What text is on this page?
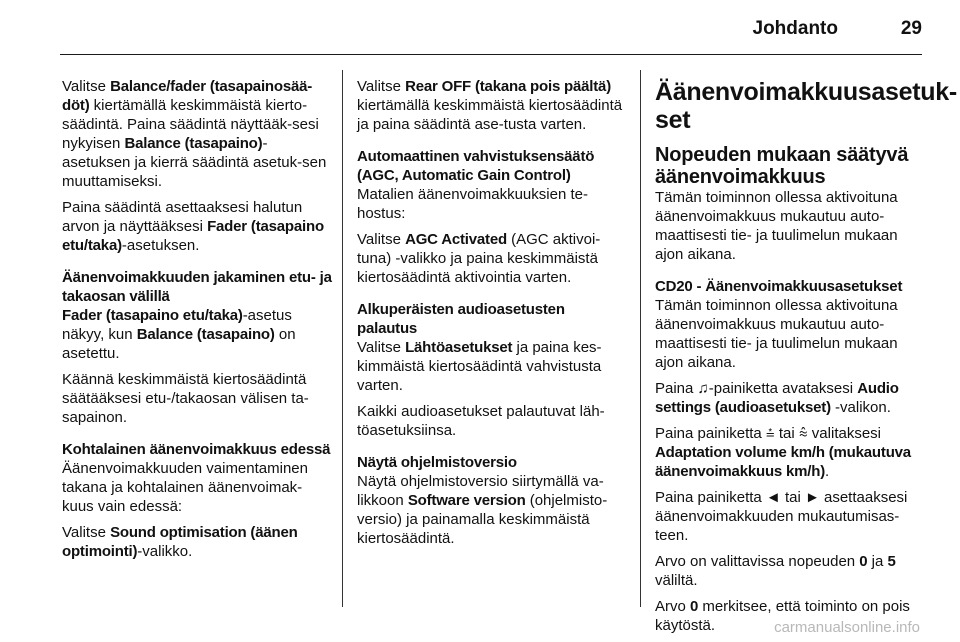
Johdanto	29

Valitse Balance/fader (tasapainosää-döt) kiertämällä keskimmäistä kierto-säädintä. Paina säädintä näyttääk-sesi nykyisen Balance (tasapaino)-asetuksen ja kierrä säädintä asetuk-sen muuttamiseksi.

Paina säädintä asettaaksesi halutun arvon ja näyttääksesi Fader (tasapaino etu/taka)-asetuksen.

Äänenvoimakkuuden jakaminen etu- ja takaosan välillä

Fader (tasapaino etu/taka)-asetus näkyy, kun Balance (tasapaino) on asetettu.

Käännä keskimmäistä kiertosäädintä säätääksesi etu-/takaosan välisen ta-sapainon.

Kohtalainen äänenvoimakkuus edessä

Äänenvoimakkuuden vaimentaminen takana ja kohtalainen äänenvoimak-kuus vain edessä:

Valitse Sound optimisation (äänen optimointi)-valikko.

Valitse Rear OFF (takana pois päältä) kiertämällä keskimmäistä kiertosäädintä ja paina säädintä ase-tusta varten.

Automaattinen vahvistuksensäätö (AGC, Automatic Gain Control)

Matalien äänenvoimakkuuksien te-hostus:

Valitse AGC Activated (AGC aktivoi-tuna) -valikko ja paina keskimmäistä kiertosäädintä aktivointia varten.

Alkuperäisten audioasetusten palautus

Valitse Lähtöasetukset ja paina kes-kimmäistä kiertosäädintä vahvistusta varten.

Kaikki audioasetukset palautuvat läh-töasetuksiinsa.

Näytä ohjelmistoversio

Näytä ohjelmistoversio siirtymällä va-likkoon Software version (ohjelmisto-versio) ja painamalla keskimmäistä kiertosäädintä.

Äänenvoimakkuusasetuk-set
Nopeuden mukaan säätyvä äänenvoimakkuus

Tämän toiminnon ollessa aktivoituna äänenvoimakkuus mukautuu auto-maattisesti tie- ja tuulimelun mukaan ajon aikana.

CD20 - Äänenvoimakkuusasetukset

Tämän toiminnon ollessa aktivoituna äänenvoimakkuus mukautuu auto-maattisesti tie- ja tuulimelun mukaan ajon aikana.

Paina ♫-painiketta avataksesi Audio settings (audioasetukset) -valikon.

Paina painiketta ⩮ tai ⩯ valitaksesi Adaptation volume km/h (mukautuva äänenvoimakkuus km/h).

Paina painiketta ◄ tai ► asettaaksesi äänenvoimakkuuden mukautumisas-teen.

Arvo on valittavissa nopeuden 0 ja 5 väliltä.

Arvo 0 merkitsee, että toiminto on pois käytöstä.	carmanualsonline.info
